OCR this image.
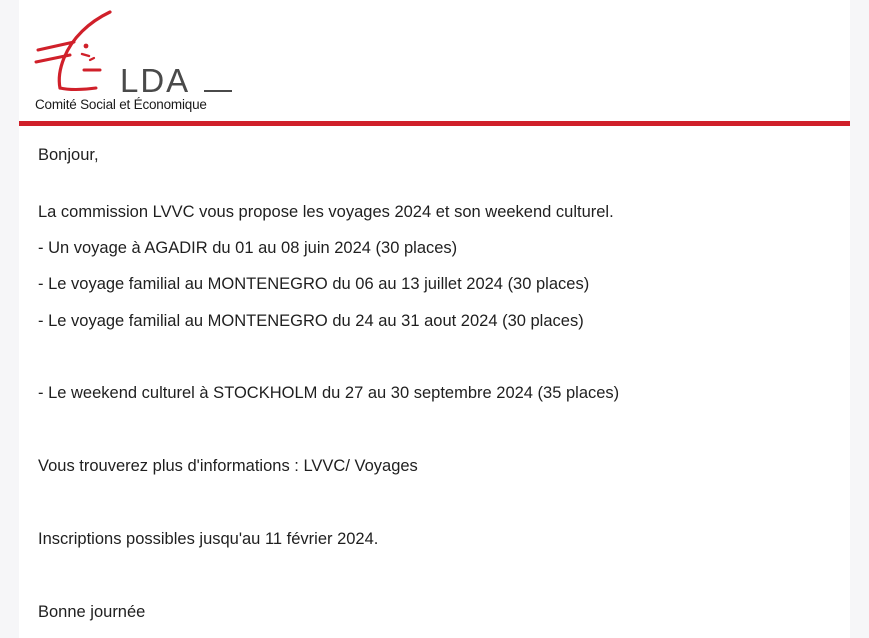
LDA
Comité Social et Économique
Bonjour,
La commission LVVC vous propose les voyages 2024 et son weekend culturel.
- Un voyage à AGADIR du 01 au 08 juin 2024 (30 places)
- Le voyage familial au MONTENEGRO du 06 au 13 juillet 2024 (30 places)
- Le voyage familial au MONTENEGRO du 24 au 31 aout 2024 (30 places)
- Le weekend culturel à STOCKHOLM du 27 au 30 septembre 2024 (35 places)
Vous trouverez plus d'informations : LVVC/ Voyages
Inscriptions possibles jusqu'au 11 février 2024.
Bonne journée
